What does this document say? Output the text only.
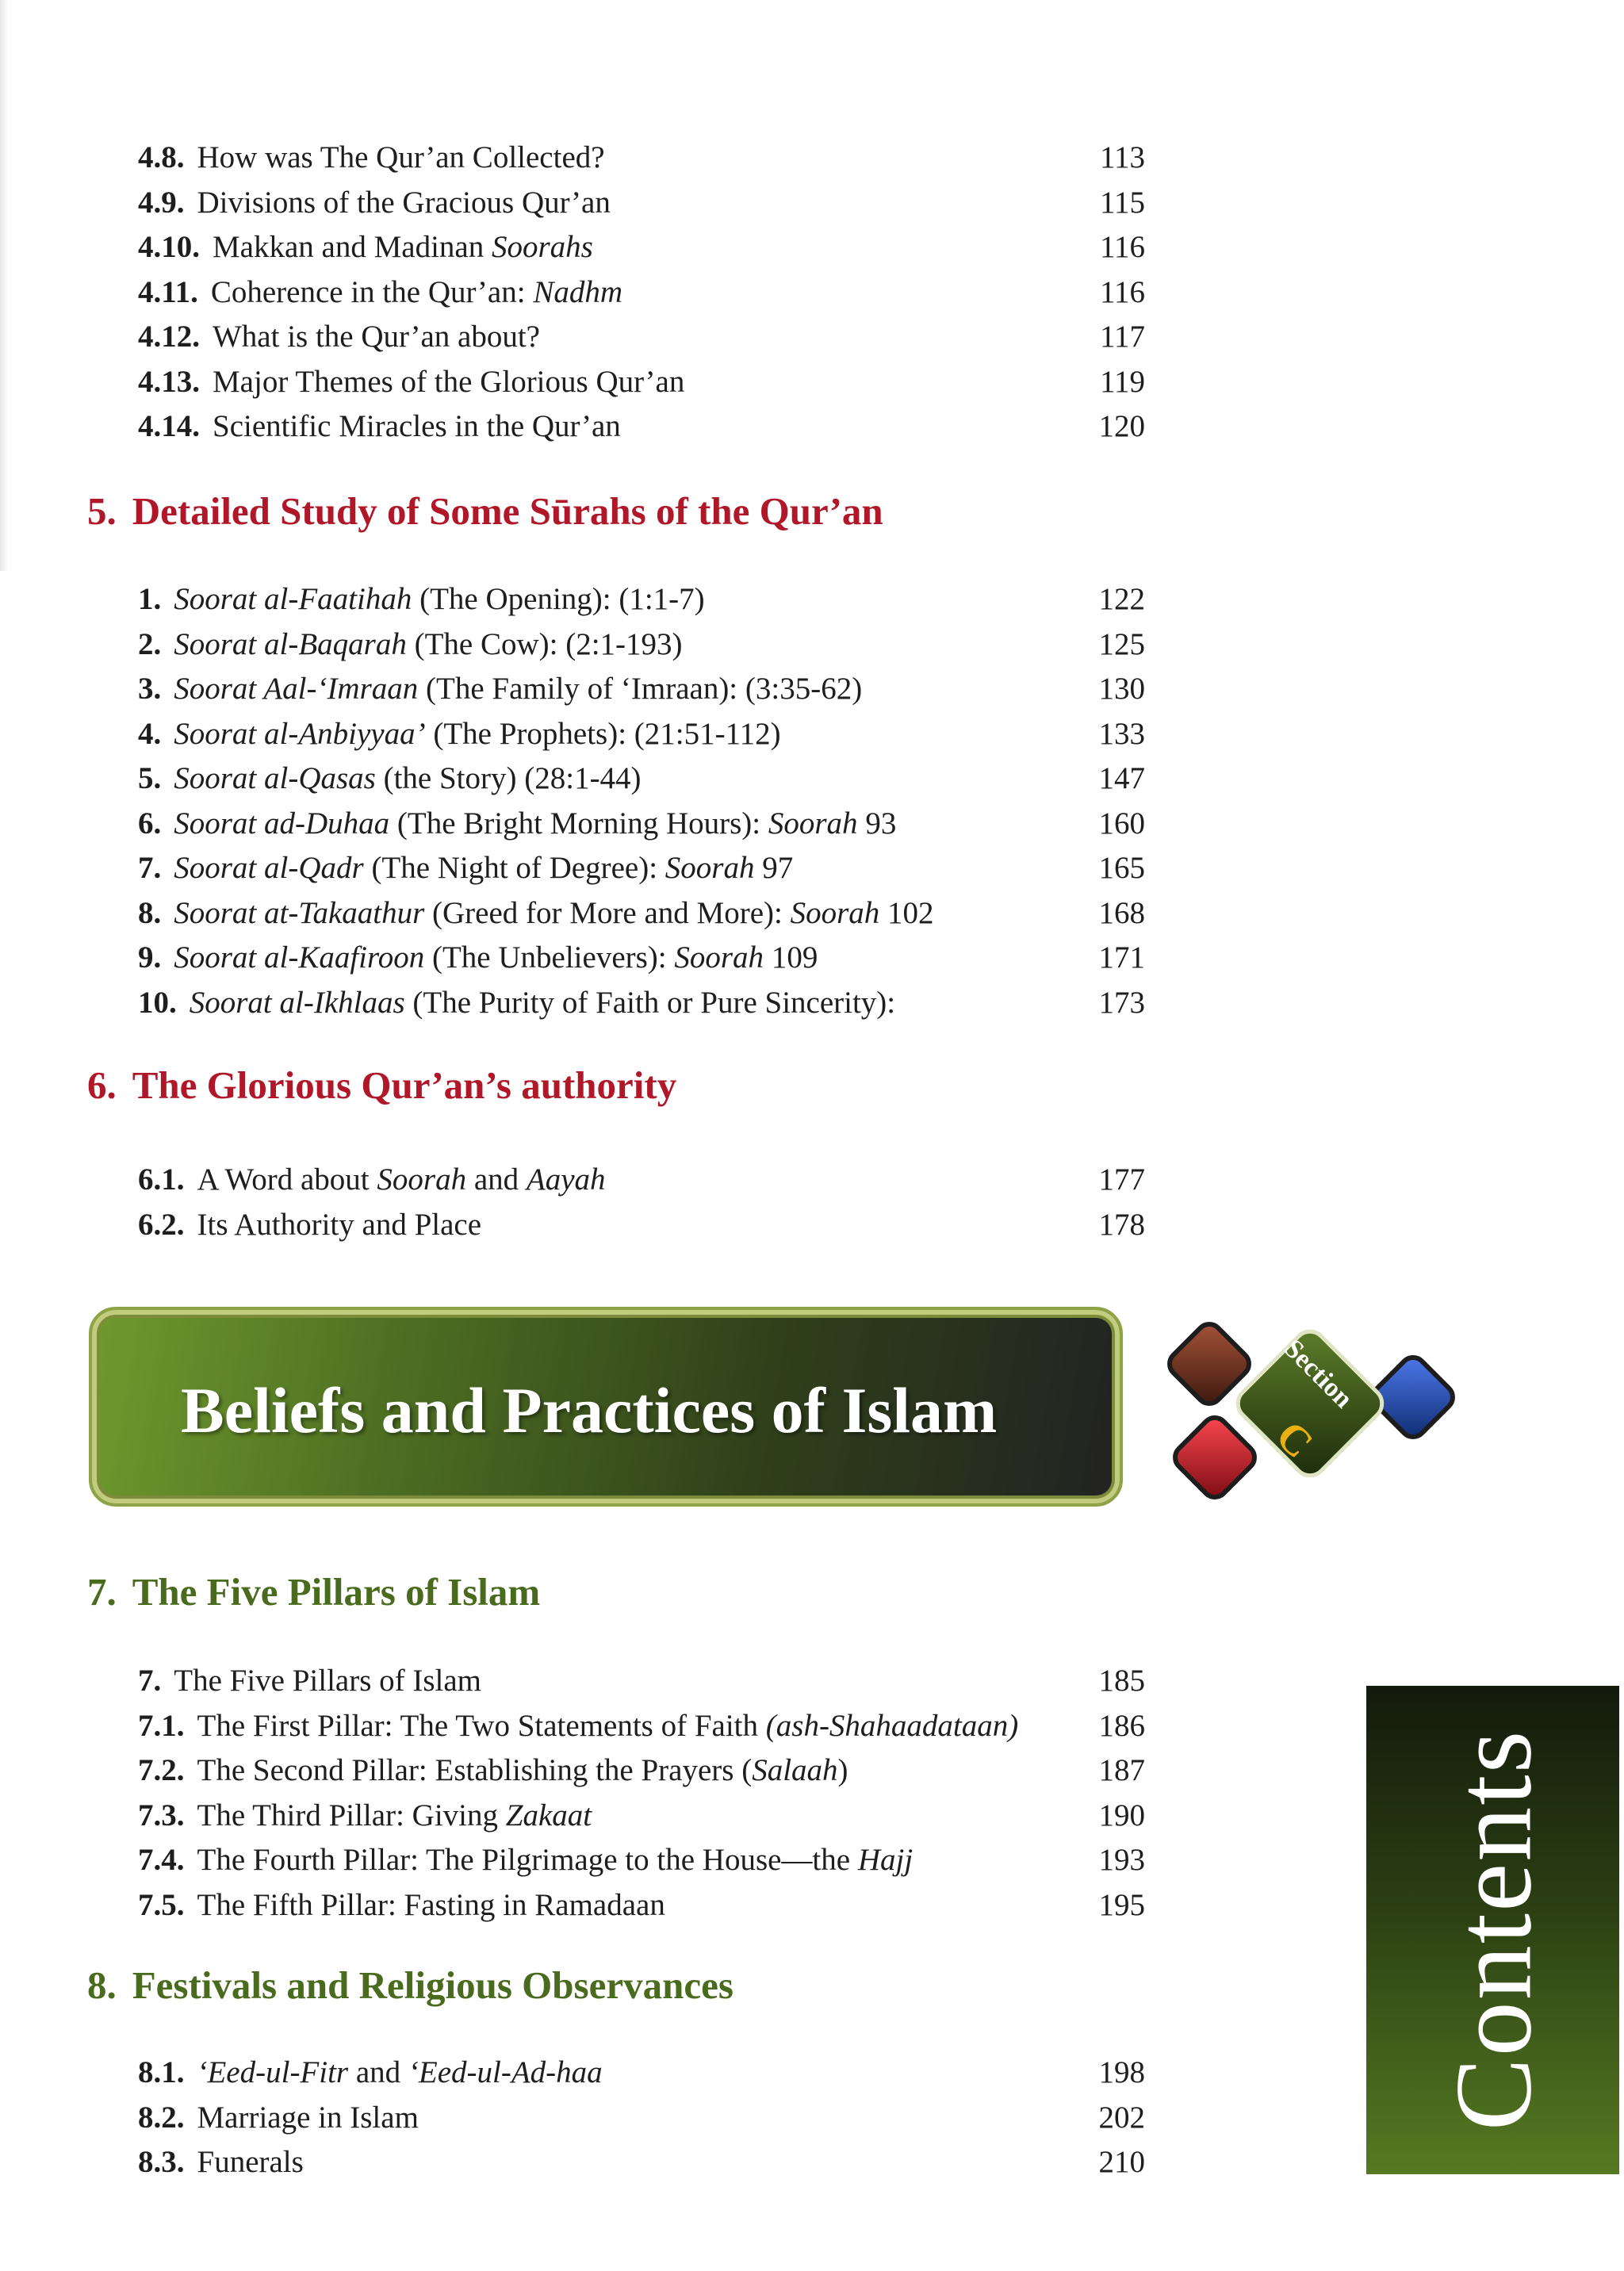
4.8. How was The Qur’an Collected?	113
4.9. Divisions of the Gracious Qur’an	115
4.10. Makkan and Madinan Soorahs	116
4.11. Coherence in the Qur’an: Nadhm	116
4.12. What is the Qur’an about?	117
4.13. Major Themes of the Glorious Qur’an	119
4.14. Scientific Miracles in the Qur’an	120
5. Detailed Study of Some Sūrahs of the Qur’an
1. Soorat al-Faatihah (The Opening): (1:1-7)	122
2. Soorat al-Baqarah (The Cow): (2:1-193)	125
3. Soorat Aal-‘Imraan (The Family of ‘Imraan): (3:35-62)	130
4. Soorat al-Anbiyyaa’ (The Prophets): (21:51-112)	133
5. Soorat al-Qasas (the Story) (28:1-44)	147
6. Soorat ad-Duhaa (The Bright Morning Hours): Soorah 93	160
7. Soorat al-Qadr (The Night of Degree): Soorah 97	165
8. Soorat at-Takaathur (Greed for More and More): Soorah 102	168
9. Soorat al-Kaafiroon (The Unbelievers): Soorah 109	171
10. Soorat al-Ikhlaas (The Purity of Faith or Pure Sincerity):	173
6. The Glorious Qur’an’s authority
6.1. A Word about Soorah and Aayah	177
6.2. Its Authority and Place	178
Beliefs and Practices of Islam	Section
C
7. The Five Pillars of Islam
7. The Five Pillars of Islam	185
7.1. The First Pillar: The Two Statements of Faith (ash-Shahaadataan)	186
7.2. The Second Pillar: Establishing the Prayers (Salaah)	187
7.3. The Third Pillar: Giving Zakaat	190
7.4. The Fourth Pillar: The Pilgrimage to the House—the Hajj	193
7.5. The Fifth Pillar: Fasting in Ramadaan	195
8. Festivals and Religious Observances
8.1. ‘Eed-ul-Fitr and ‘Eed-ul-Ad-haa	198
8.2. Marriage in Islam	202
8.3. Funerals	210
Contents
